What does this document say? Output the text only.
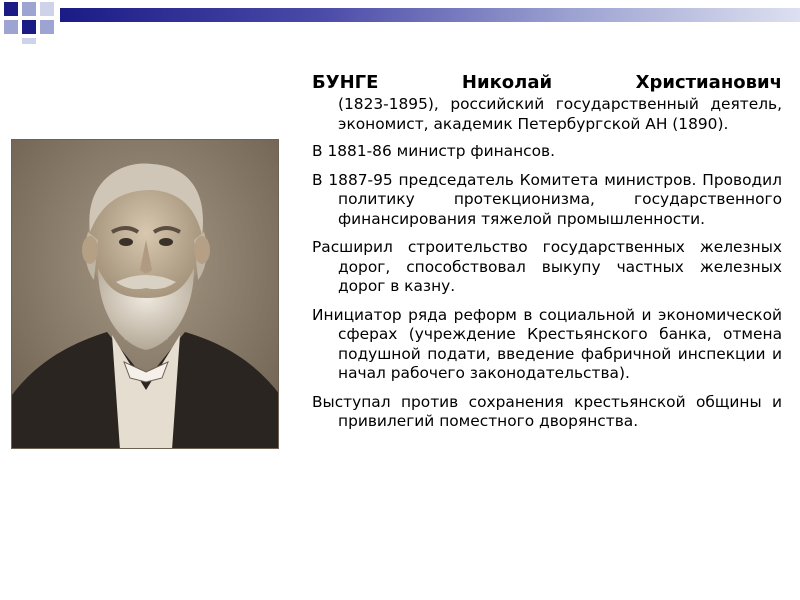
БУНГЕ	Николай	Христианович

(1823-1895), российский государственный деятель, экономист, академик Петербургской АН (1890).

В 1881-86 министр финансов.

В 1887-95 председатель Комитета министров. Проводил политику протекционизма, государственного финансирования тяжелой промышленности.

Расширил строительство государственных железных дорог, способствовал выкупу частных железных дорог в казну.

Инициатор ряда реформ в социальной и экономической сферах (учреждение Крестьянского банка, отмена подушной подати, введение фабричной инспекции и начал рабочего законодательства).

Выступал против сохранения крестьянской общины и привилегий поместного дворянства.
